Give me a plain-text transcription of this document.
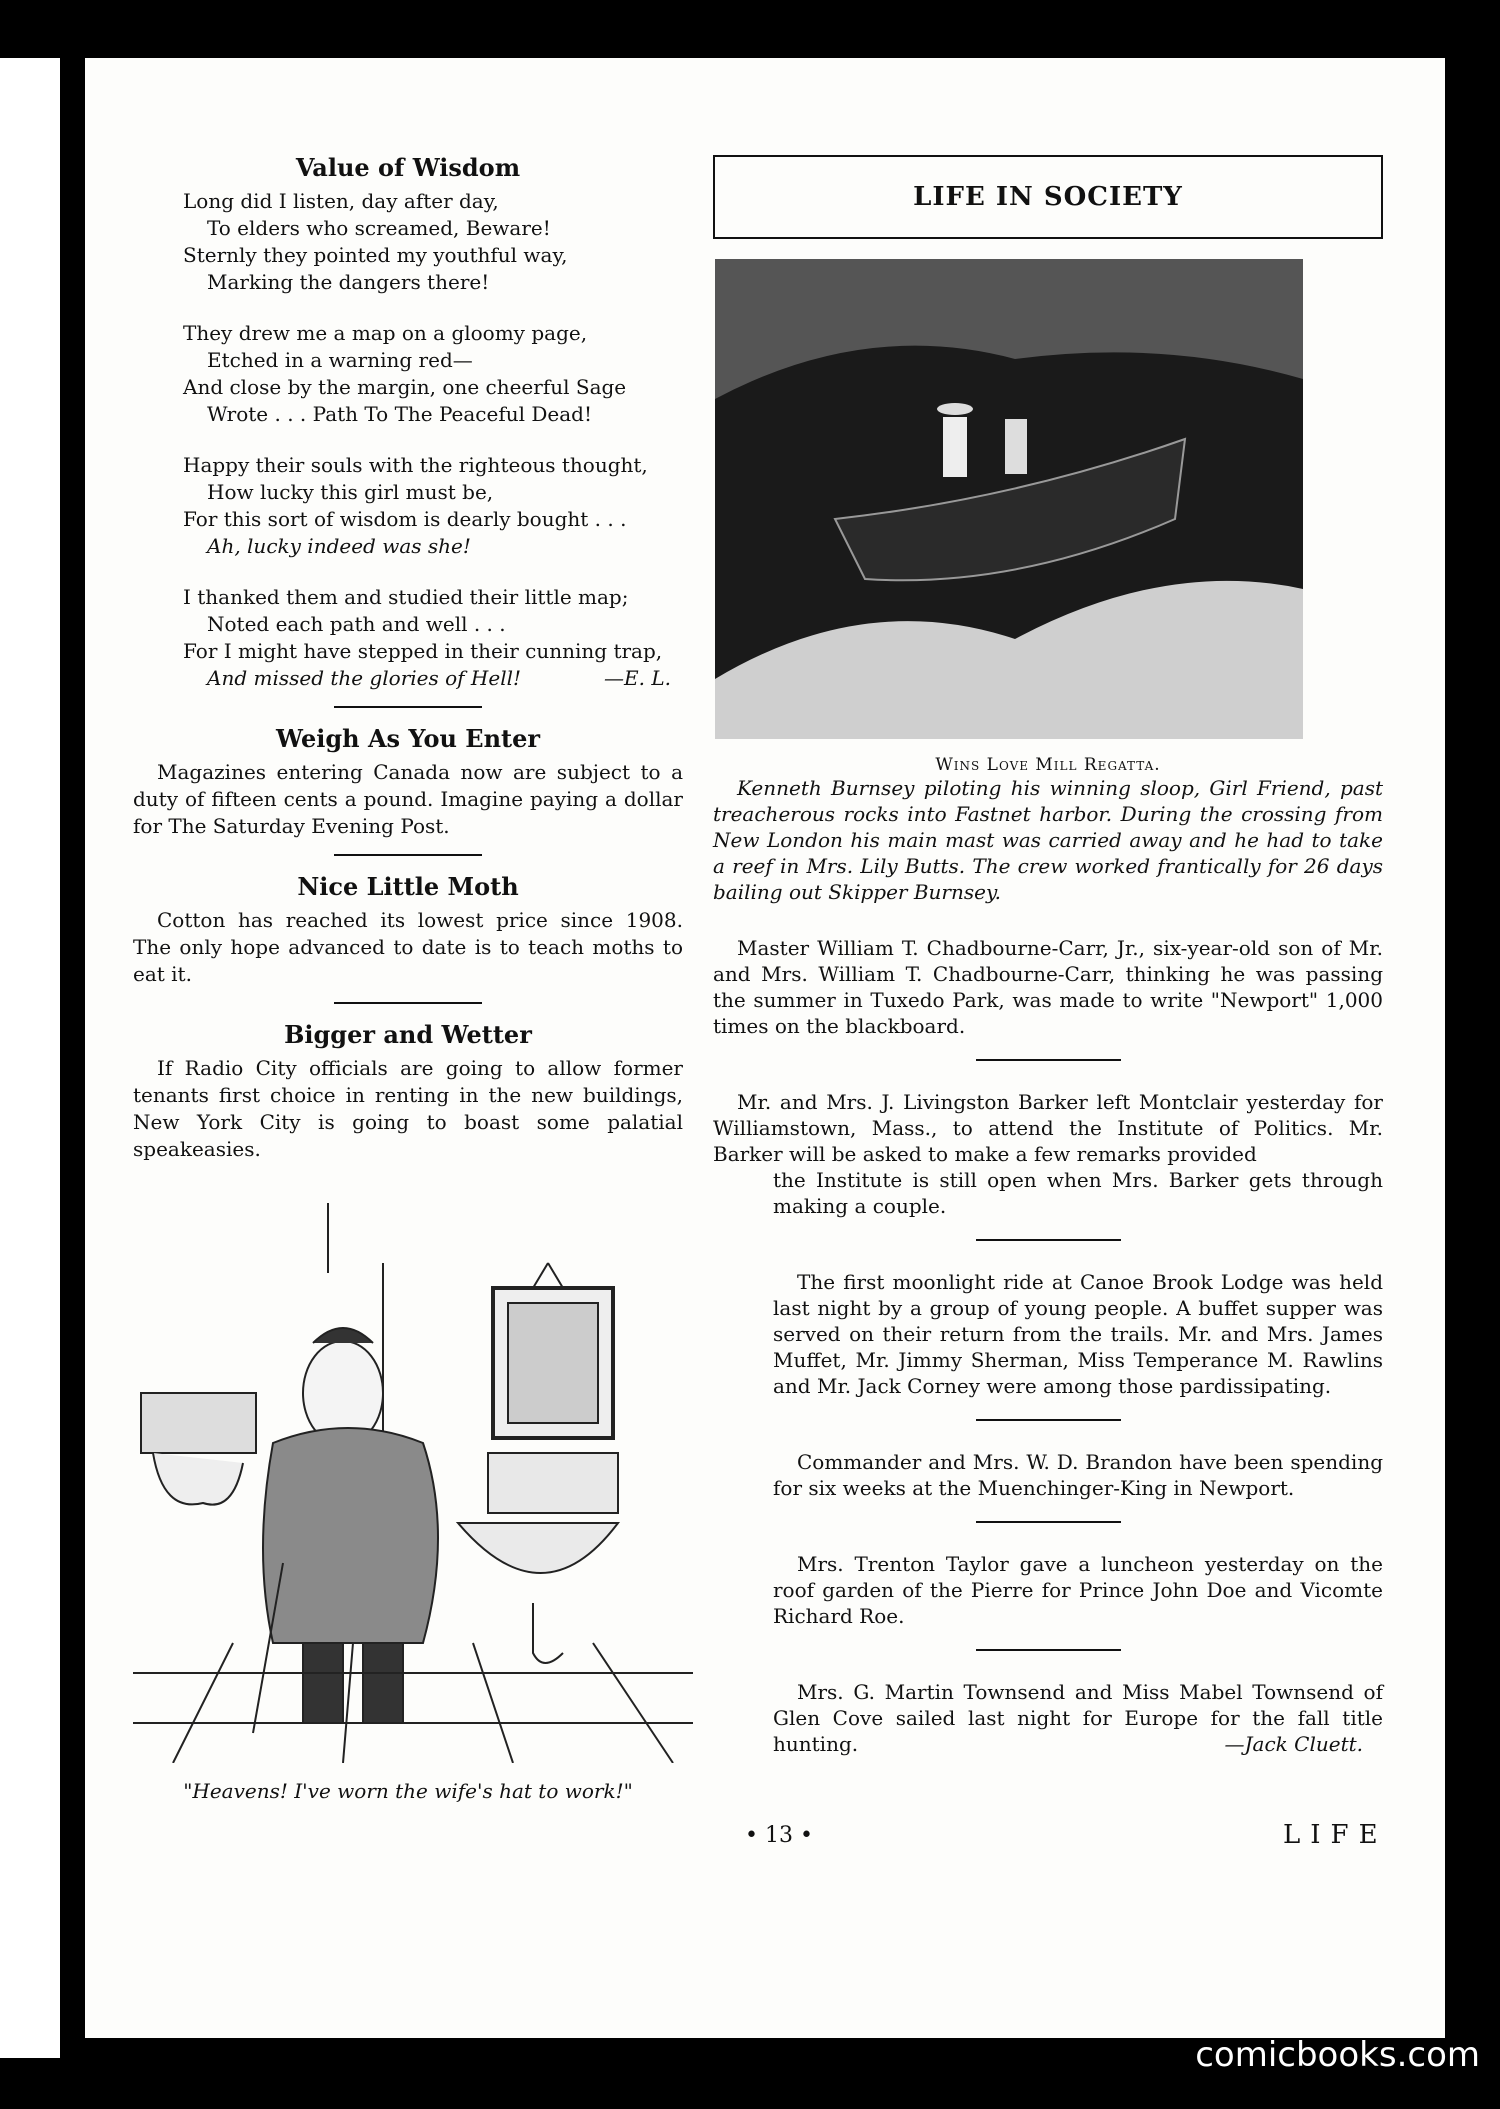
Value of Wisdom
Long did I listen, day after day,
To elders who screamed, Beware!
Sternly they pointed my youthful way,
Marking the dangers there!
They drew me a map on a gloomy page,
Etched in a warning red—
And close by the margin, one cheerful Sage
Wrote . . . Path To The Peaceful Dead!
Happy their souls with the righteous thought,
How lucky this girl must be,
For this sort of wisdom is dearly bought . . .
Ah, lucky indeed was she!
I thanked them and studied their little map;
Noted each path and well . . .
For I might have stepped in their cunning trap,
And missed the glories of Hell!	—E. L.
Weigh As You Enter

Magazines entering Canada now are subject to a duty of fifteen cents a pound. Imagine paying a dollar for The Saturday Evening Post.

Nice Little Moth

Cotton has reached its lowest price since 1908. The only hope advanced to date is to teach moths to eat it.

Bigger and Wetter

If Radio City officials are going to allow former tenants first choice in renting in the new buildings, New York City is going to boast some palatial speakeasies.

"Heavens! I've worn the wife's hat to work!"
LIFE IN SOCIETY
Wins Love Mill Regatta.

Kenneth Burnsey piloting his winning sloop, Girl Friend, past treacherous rocks into Fastnet harbor. During the crossing from New London his main mast was carried away and he had to take a reef in Mrs. Lily Butts. The crew worked frantically for 26 days bailing out Skipper Burnsey.

Master William T. Chadbourne-Carr, Jr., six-year-old son of Mr. and Mrs. William T. Chadbourne-Carr, thinking he was passing the summer in Tuxedo Park, was made to write "Newport" 1,000 times on the blackboard.

Mr. and Mrs. J. Livingston Barker left Montclair yesterday for Williamstown, Mass., to attend the Institute of Politics. Mr. Barker will be asked to make a few remarks provided

the Institute is still open when Mrs. Barker gets through making a couple.

The first moonlight ride at Canoe Brook Lodge was held last night by a group of young people. A buffet supper was served on their return from the trails. Mr. and Mrs. James Muffet, Mr. Jimmy Sherman, Miss Temperance M. Rawlins and Mr. Jack Corney were among those pardissipating.

Commander and Mrs. W. D. Brandon have been spending for six weeks at the Muenchinger-King in Newport.

Mrs. Trenton Taylor gave a luncheon yesterday on the roof garden of the Pierre for Prince John Doe and Vicomte Richard Roe.

Mrs. G. Martin Townsend and Miss Mabel Townsend of Glen Cove sailed last night for Europe for the fall title hunting.	—Jack Cluett.

• 13 •	LIFE
comicbooks.com
